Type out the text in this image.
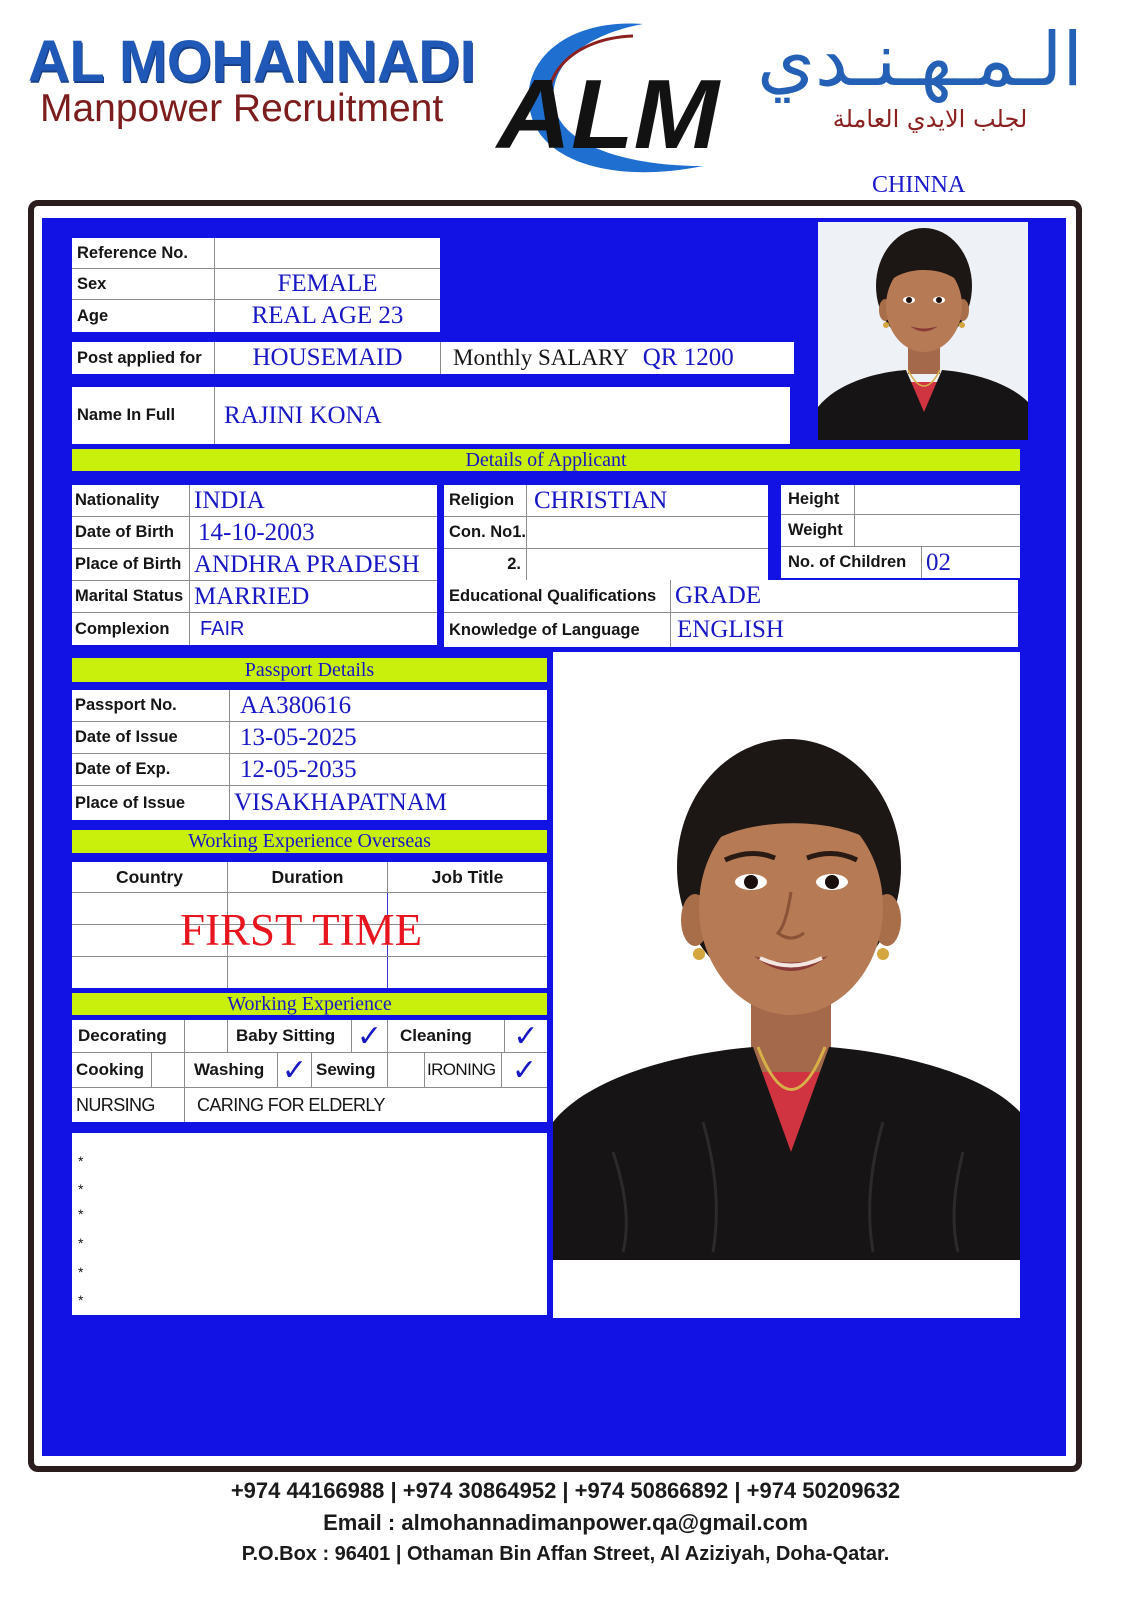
AL MOHANNADI
Manpower Recruitment ALM الـمـهـنـدي
لجلب الايدي العاملة
CHINNA
Reference No.
Sex	FEMALE
Age	REAL AGE 23
Post applied for	HOUSEMAID	Monthly SALARY QR 1200
Name In Full	RAJINI KONA
Details of Applicant
Nationality	INDIA
Date of Birth 14-10-2003
Place of Birth ANDHRA PRADESH
Marital Status MARRIED
Complexion	FAIR
Religion CHRISTIAN
Con. No1.
2.
Height
Weight
No. of Children 02
Educational Qualifications GRADE
Knowledge of Language	ENGLISH
Passport Details
Passport No.	AA380616
Date of Issue	13-05-2025
Date of Exp.	12-05-2035
Place of Issue	VISAKHAPATNAM
Working Experience Overseas
Country	Duration	Job Title
FIRST TIME
Working Experience
Decorating	Baby Sitting ✓	Cleaning	✓
Cooking	Washing ✓ Sewing	IRONING ✓
NURSING	CARING FOR ELDERLY
*
*
*
*
*
*
+974 44166988 | +974 30864952 | +974 50866892 | +974 50209632
Email : almohannadimanpower.qa@gmail.com
P.O.Box : 96401 | Othaman Bin Affan Street, Al Aziziyah, Doha-Qatar.
